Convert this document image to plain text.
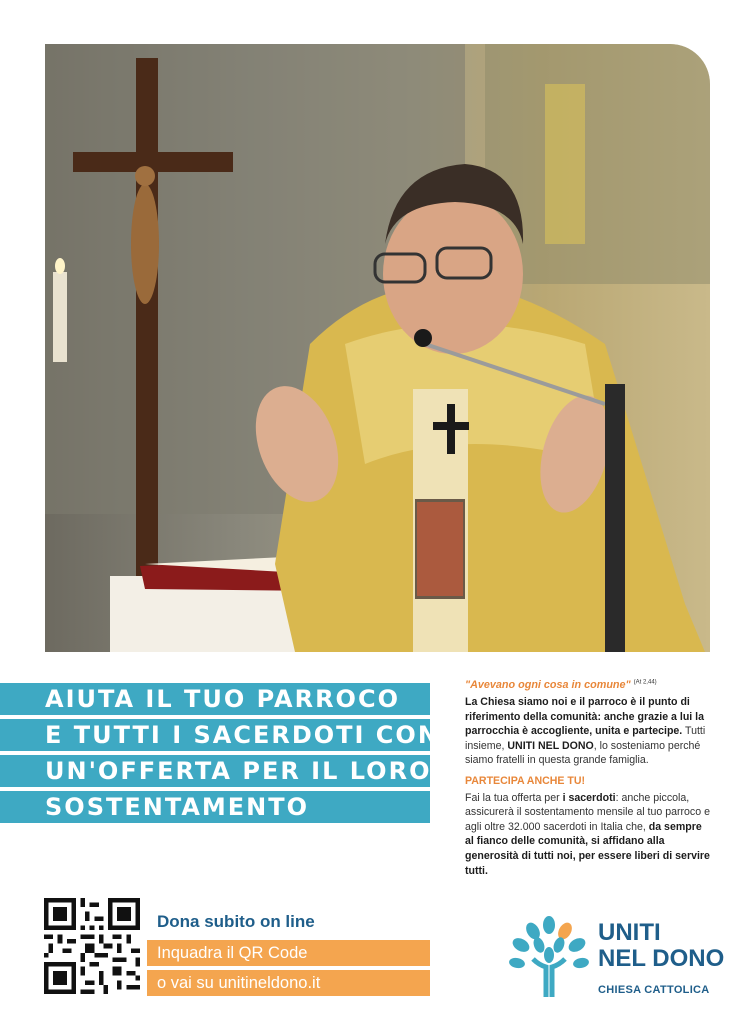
AIUTA IL TUO PARROCO
E TUTTI I SACERDOTI CON
UN'OFFERTA PER IL LORO
SOSTENTAMENTO
"Avevano ogni cosa in comune" $^{(At 2,44)}$

La Chiesa siamo noi e il parroco è il punto di riferimento della comunità: anche grazie a lui la parrocchia è accogliente, unita e partecipe. Tutti insieme, UNITI NEL DONO, lo sosteniamo perché siamo fratelli in questa grande famiglia.

PARTECIPA ANCHE TU!

Fai la tua offerta per i sacerdoti: anche piccola, assicurerà il sostentamento mensile al tuo parroco e agli oltre 32.000 sacerdoti in Italia che, da sempre al fianco delle comunità, si affidano alla generosità di tutti noi, per essere liberi di servire tutti.

Dona subito on line
Inquadra il QR Code
o vai su unitineldono.it
UNITI
NEL DONO
CHIESA CATTOLICA
